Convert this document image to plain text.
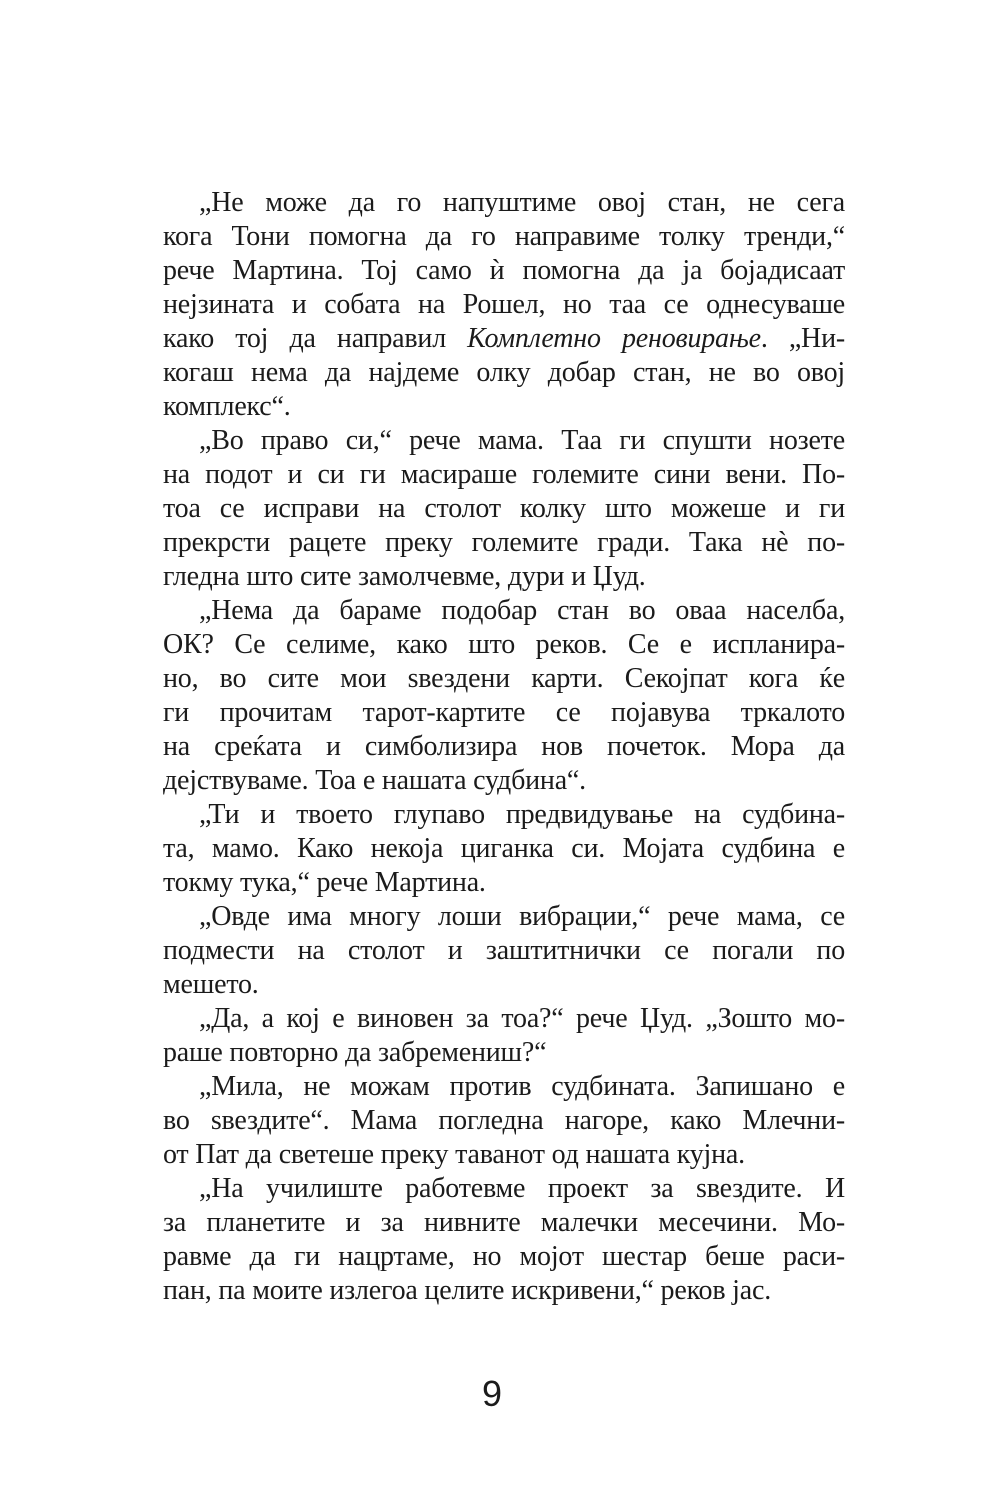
„Не може да го напуштиме овој стан, не сега
кога Тони помогна да го направиме толку тренди,“
рече Мартина. Тој само ѝ помогна да ја бојадисаат
нејзината и собата на Рошел, но таа се однесуваше
како тој да направил Комплетно реновирање. „Ни-
когаш нема да најдеме олку добар стан, не во овој
комплекс“.

„Во право си,“ рече мама. Таа ги спушти нозете
на подот и си ги масираше големите сини вени. По-
тоа се исправи на столот колку што можеше и ги
прекрсти рацете преку големите гради. Така нѐ по-
гледна што сите замолчевме, дури и Џуд.

„Нема да бараме подобар стан во оваа населба,
ОК? Се селиме, како што реков. Се е испланира-
но, во сите мои ѕвездени карти. Секојпат кога ќе
ги прочитам тарот-картите се појавува тркалото
на среќата и симболизира нов почеток. Мора да
дејствуваме. Тоа е нашата судбина“.

„Ти и твоето глупаво предвидување на судбина-
та, мамо. Како некоја циганка си. Мојата судбина е
токму тука,“ рече Мартина.

„Овде има многу лоши вибрации,“ рече мама, се
подмести на столот и заштитнички се погали по
мешето.

„Да, а кој е виновен за тоа?“ рече Џуд. „Зошто мо-
раше повторно да забремениш?“

„Мила, не можам против судбината. Запишано е
во ѕвездите“. Мама погледна нагоре, како Млечни-
от Пат да светеше преку таванот од нашата кујна.

„На училиште работевме проект за ѕвездите. И
за планетите и за нивните малечки месечини. Мо-
равме да ги нацртаме, но мојот шестар беше раси-
пан, па моите излегоа целите искривени,“ реков јас.

9
